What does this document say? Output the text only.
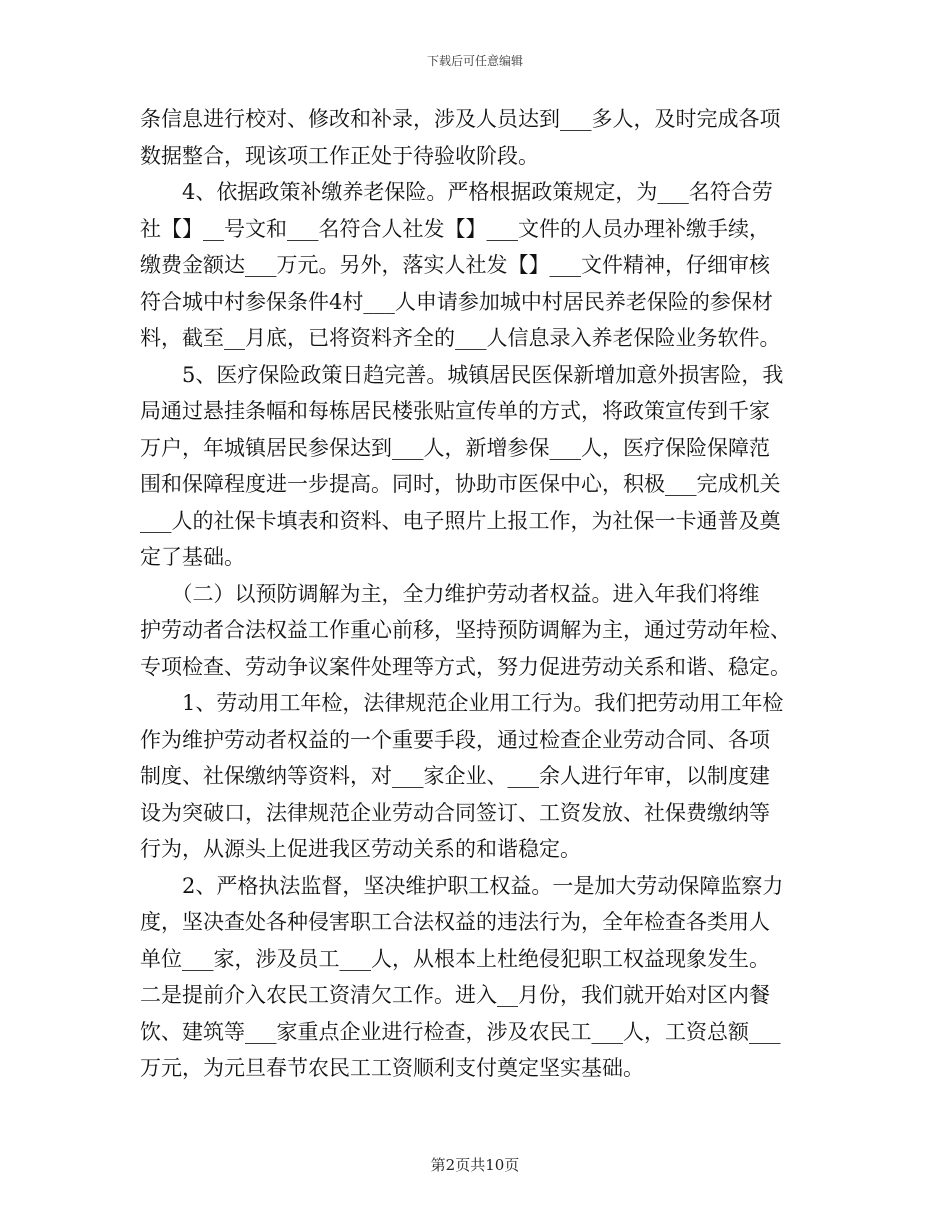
下载后可任意编辑
条信息进行校对、修改和补录，涉及人员达到___多人，及时完成各项
数据整合，现该项工作正处于待验收阶段。
　　4、依据政策补缴养老保险。严格根据政策规定，为___名符合劳
社【】__号文和___名符合人社发【】___文件的人员办理补缴手续，
缴费金额达___万元。另外，落实人社发【】___文件精神，仔细审核
符合城中村参保条件4村___人申请参加城中村居民养老保险的参保材
料，截至__月底，已将资料齐全的___人信息录入养老保险业务软件。
　　5、医疗保险政策日趋完善。城镇居民医保新增加意外损害险，我
局通过悬挂条幅和每栋居民楼张贴宣传单的方式，将政策宣传到千家
万户，年城镇居民参保达到___人，新增参保___人，医疗保险保障范
围和保障程度进一步提高。同时，协助市医保中心，积极___完成机关
___人的社保卡填表和资料、电子照片上报工作，为社保一卡通普及奠
定了基础。
　　（二）以预防调解为主，全力维护劳动者权益。进入年我们将维
护劳动者合法权益工作重心前移，坚持预防调解为主，通过劳动年检、
专项检查、劳动争议案件处理等方式，努力促进劳动关系和谐、稳定。
　　1、劳动用工年检，法律规范企业用工行为。我们把劳动用工年检
作为维护劳动者权益的一个重要手段，通过检查企业劳动合同、各项
制度、社保缴纳等资料，对___家企业、___余人进行年审，以制度建
设为突破口，法律规范企业劳动合同签订、工资发放、社保费缴纳等
行为，从源头上促进我区劳动关系的和谐稳定。
　　2、严格执法监督，坚决维护职工权益。一是加大劳动保障监察力
度，坚决查处各种侵害职工合法权益的违法行为，全年检查各类用人
单位___家，涉及员工___人，从根本上杜绝侵犯职工权益现象发生。
二是提前介入农民工资清欠工作。进入__月份，我们就开始对区内餐
饮、建筑等___家重点企业进行检查，涉及农民工___人，工资总额___
万元，为元旦春节农民工工资顺利支付奠定坚实基础。
第2页共10页
